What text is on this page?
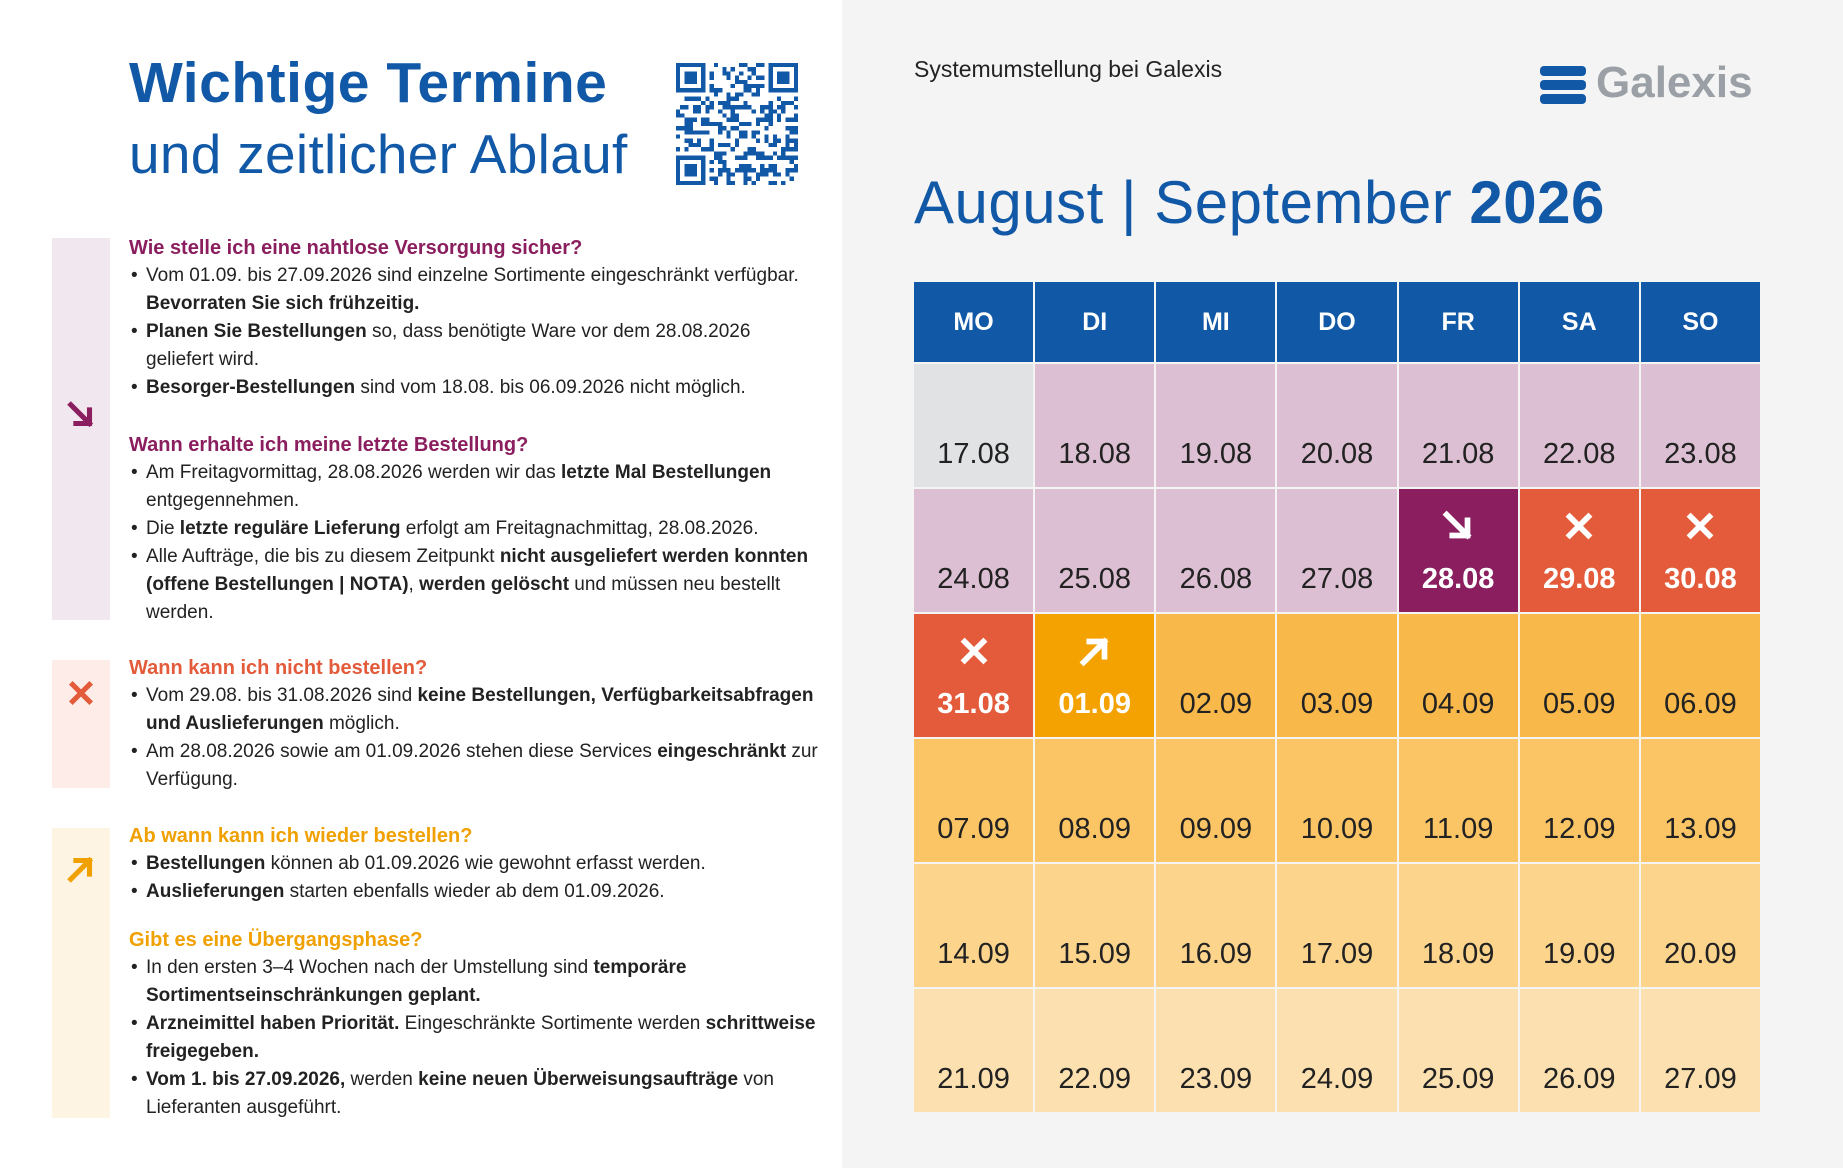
Wichtige Termine
und zeitlicher Ablauf
Wie stelle ich eine nahtlose Versorgung sicher?
• Vom 01.09. bis 27.09.2026 sind einzelne Sortimente eingeschränkt verfügbar. Bevorraten Sie sich frühzeitig.
• Planen Sie Bestellungen so, dass benötigte Ware vor dem 28.08.2026 geliefert wird.
• Besorger-Bestellungen sind vom 18.08. bis 06.09.2026 nicht möglich.
Wann erhalte ich meine letzte Bestellung?
• Am Freitagvormittag, 28.08.2026 werden wir das letzte Mal Bestellungen entgegennehmen.
• Die letzte reguläre Lieferung erfolgt am Freitagnachmittag, 28.08.2026.
• Alle Aufträge, die bis zu diesem Zeitpunkt nicht ausgeliefert werden konnten (offene Bestellungen | NOTA), werden gelöscht und müssen neu bestellt werden.
Wann kann ich nicht bestellen?
• Vom 29.08. bis 31.08.2026 sind keine Bestellungen, Verfügbarkeitsabfragen und Auslieferungen möglich.
• Am 28.08.2026 sowie am 01.09.2026 stehen diese Services eingeschränkt zur Verfügung.
Ab wann kann ich wieder bestellen?
• Bestellungen können ab 01.09.2026 wie gewohnt erfasst werden.
• Auslieferungen starten ebenfalls wieder ab dem 01.09.2026.
Gibt es eine Übergangsphase?
• In den ersten 3–4 Wochen nach der Umstellung sind temporäre Sortimentseinschränkungen geplant.
• Arzneimittel haben Priorität. Eingeschränkte Sortimente werden schrittweise freigegeben.
• Vom 1. bis 27.09.2026, werden keine neuen Überweisungsaufträge von Lieferanten ausgeführt.
Systemumstellung bei Galexis	Galexis
August | September 2026
MO	DI	MI	DO	FR	SA	SO
17.08 18.08 19.08 20.08 21.08 22.08 23.08
24.08 25.08 26.08 27.08 28.08 29.08 30.08
31.08 01.09 02.09 03.09 04.09 05.09 06.09
07.09 08.09 09.09 10.09 11.09 12.09 13.09
14.09 15.09 16.09 17.09 18.09 19.09 20.09
21.09 22.09 23.09 24.09 25.09 26.09 27.09
